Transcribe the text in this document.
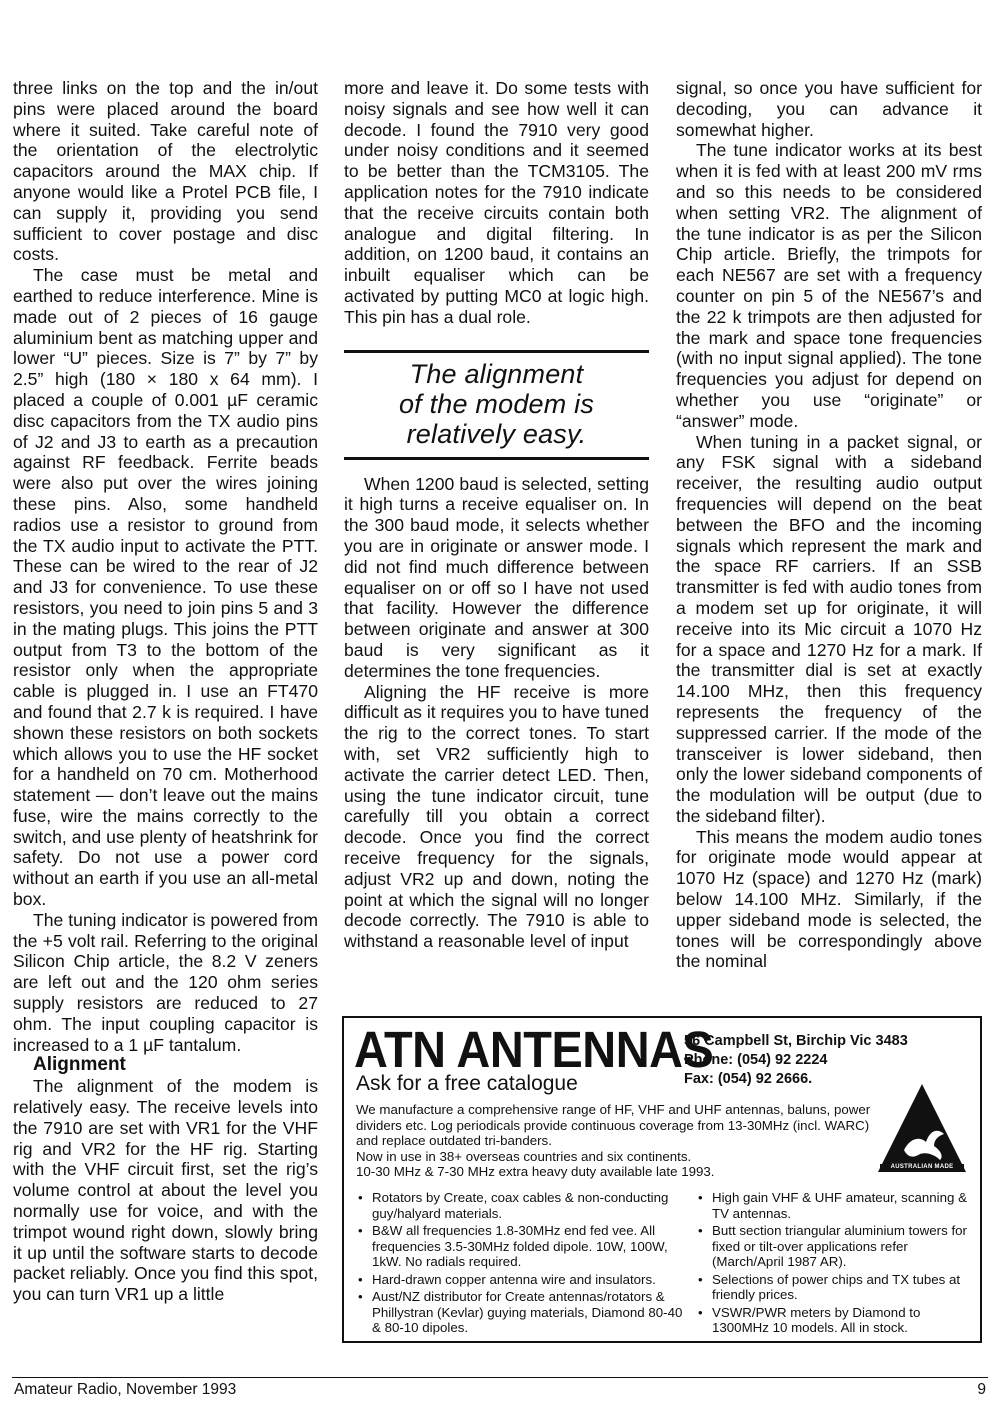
three links on the top and the in/out pins were placed around the board where it suited. Take careful note of the orientation of the electrolytic capacitors around the MAX chip. If anyone would like a Protel PCB file, I can supply it, providing you send sufficient to cover postage and disc costs.

The case must be metal and earthed to reduce interference. Mine is made out of 2 pieces of 16 gauge aluminium bent as matching upper and lower “U” pieces. Size is 7” by 7” by 2.5” high (180 × 180 x 64 mm). I placed a couple of 0.001 µF ceramic disc capacitors from the TX audio pins of J2 and J3 to earth as a precaution against RF feedback. Ferrite beads were also put over the wires joining these pins. Also, some handheld radios use a resistor to ground from the TX audio input to activate the PTT. These can be wired to the rear of J2 and J3 for convenience. To use these resistors, you need to join pins 5 and 3 in the mating plugs. This joins the PTT output from T3 to the bottom of the resistor only when the appropriate cable is plugged in. I use an FT470 and found that 2.7 k is required. I have shown these resistors on both sockets which allows you to use the HF socket for a handheld on 70 cm. Motherhood statement — don’t leave out the mains fuse, wire the mains correctly to the switch, and use plenty of heatshrink for safety. Do not use a power cord without an earth if you use an all-metal box.

The tuning indicator is powered from the +5 volt rail. Referring to the original Silicon Chip article, the 8.2 V zeners are left out and the 120 ohm series supply resistors are reduced to 27 ohm. The input coupling capacitor is increased to a 1 µF tantalum.

Alignment

The alignment of the modem is relatively easy. The receive levels into the 7910 are set with VR1 for the VHF rig and VR2 for the HF rig. Starting with the VHF circuit first, set the rig’s volume control at about the level you normally use for voice, and with the trimpot wound right down, slowly bring it up until the software starts to decode packet reliably. Once you find this spot, you can turn VR1 up a little

more and leave it. Do some tests with noisy signals and see how well it can decode. I found the 7910 very good under noisy conditions and it seemed to be better than the TCM3105. The application notes for the 7910 indicate that the receive circuits contain both analogue and digital filtering. In addition, on 1200 baud, it contains an inbuilt equaliser which can be activated by putting MC0 at logic high. This pin has a dual role.

The alignment
of the modem is
relatively easy.

When 1200 baud is selected, setting it high turns a receive equaliser on. In the 300 baud mode, it selects whether you are in originate or answer mode. I did not find much difference between equaliser on or off so I have not used that facility. However the difference between originate and answer at 300 baud is very significant as it determines the tone frequencies.

Aligning the HF receive is more difficult as it requires you to have tuned the rig to the correct tones. To start with, set VR2 sufficiently high to activate the carrier detect LED. Then, using the tune indicator circuit, tune carefully till you obtain a correct decode. Once you find the correct receive frequency for the signals, adjust VR2 up and down, noting the point at which the signal will no longer decode correctly. The 7910 is able to withstand a reasonable level of input

signal, so once you have sufficient for decoding, you can advance it somewhat higher.

The tune indicator works at its best when it is fed with at least 200 mV rms and so this needs to be considered when setting VR2. The alignment of the tune indicator is as per the Silicon Chip article. Briefly, the trimpots for each NE567 are set with a frequency counter on pin 5 of the NE567’s and the 22 k trimpots are then adjusted for the mark and space tone frequencies (with no input signal applied). The tone frequencies you adjust for depend on whether you use “originate” or “answer” mode.

When tuning in a packet signal, or any FSK signal with a sideband receiver, the resulting audio output frequencies will depend on the beat between the BFO and the incoming signals which represent the mark and the space RF carriers. If an SSB transmitter is fed with audio tones from a modem set up for originate, it will receive into its Mic circuit a 1070 Hz for a space and 1270 Hz for a mark. If the transmitter dial is set at exactly 14.100 MHz, then this frequency represents the frequency of the suppressed carrier. If the mode of the transceiver is lower sideband, then only the lower sideband components of the modulation will be output (due to the sideband filter).

This means the modem audio tones for originate mode would appear at 1070 Hz (space) and 1270 Hz (mark) below 14.100 MHz. Similarly, if the upper sideband mode is selected, the tones will be correspondingly above the nominal

ATN ANTENNAS
56 Campbell St, Birchip Vic 3483
Phone: (054) 92 2224
Fax: (054) 92 2666.
Ask for a free catalogue

We manufacture a comprehensive range of HF, VHF and UHF antennas, baluns, power dividers etc. Log periodicals provide continuous coverage from 13-30MHz (incl. WARC) and replace outdated tri-banders.

Now in use in 38+ overseas countries and six continents.

10-30 MHz & 7-30 MHz extra heavy duty available late 1993.	AUSTRALIAN MADE
• Rotators by Create, coax cables & non-conducting guy/halyard materials.
• B&W all frequencies 1.8-30MHz end fed vee. All frequencies 3.5-30MHz folded dipole. 10W, 100W, 1kW. No radials required.
• Hard-drawn copper antenna wire and insulators.
• Aust/NZ distributor for Create antennas/rotators & Phillystran (Kevlar) guying materials, Diamond 80-40 & 80-10 dipoles.
• High gain VHF & UHF amateur, scanning & TV antennas.
• Butt section triangular aluminium towers for fixed or tilt-over applications refer (March/April 1987 AR).
• Selections of power chips and TX tubes at friendly prices.
• VSWR/PWR meters by Diamond to 1300MHz 10 models. All in stock.
Amateur Radio, November 1993	9
